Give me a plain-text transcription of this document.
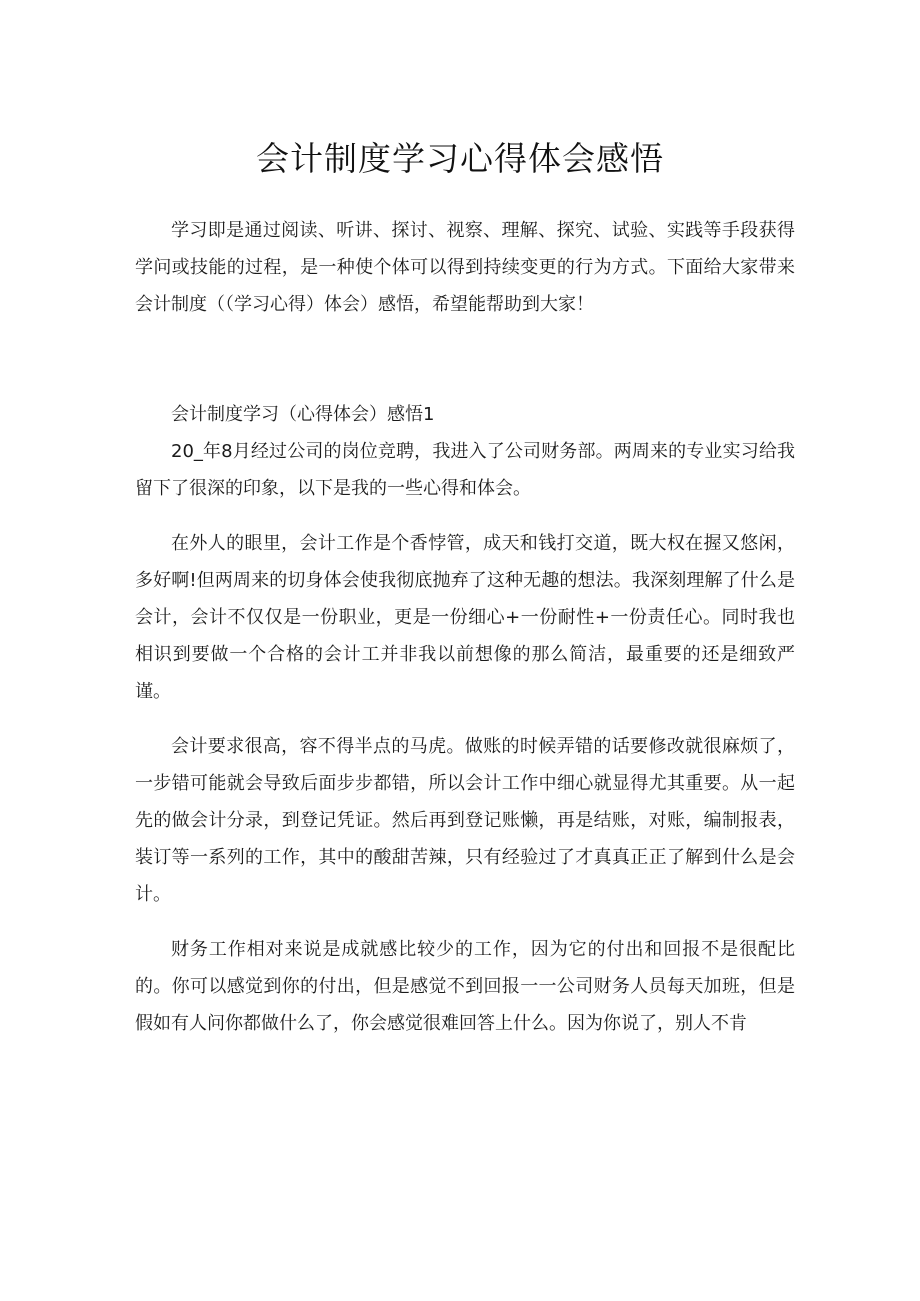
会计制度学习心得体会感悟

学习即是通过阅读、听讲、探讨、视察、理解、探究、试验、实践等手段获得学问或技能的过程，是一种使个体可以得到持续变更的行为方式。下面给大家带来会计制度（（学习心得）体会）感悟，希望能帮助到大家！

会计制度学习（心得体会）感悟1

20_年8月经过公司的岗位竞聘，我进入了公司财务部。两周来的专业实习给我留下了很深的印象，以下是我的一些心得和体会。

在外人的眼里，会计工作是个香悖管，成天和钱打交道，既大权在握又悠闲，多好啊!但两周来的切身体会使我彻底抛弃了这种无趣的想法。我深刻理解了什么是会计，会计不仅仅是一份职业，更是一份细心+一份耐性+一份责任心。同时我也相识到要做一个合格的会计工并非我以前想像的那么简洁，最重要的还是细致严谨。

会计要求很高，容不得半点的马虎。做账的时候弄错的话要修改就很麻烦了，一步错可能就会导致后面步步都错，所以会计工作中细心就显得尤其重要。从一起先的做会计分录，到登记凭证。然后再到登记账懒，再是结账，对账，编制报表，装订等一系列的工作，其中的酸甜苦辣，只有经验过了才真真正正了解到什么是会计。

财务工作相对来说是成就感比较少的工作，因为它的付出和回报不是很配比的。你可以感觉到你的付出，但是感觉不到回报一一公司财务人员每天加班，但是假如有人问你都做什么了，你会感觉很难回答上什么。因为你说了，别人不肯
